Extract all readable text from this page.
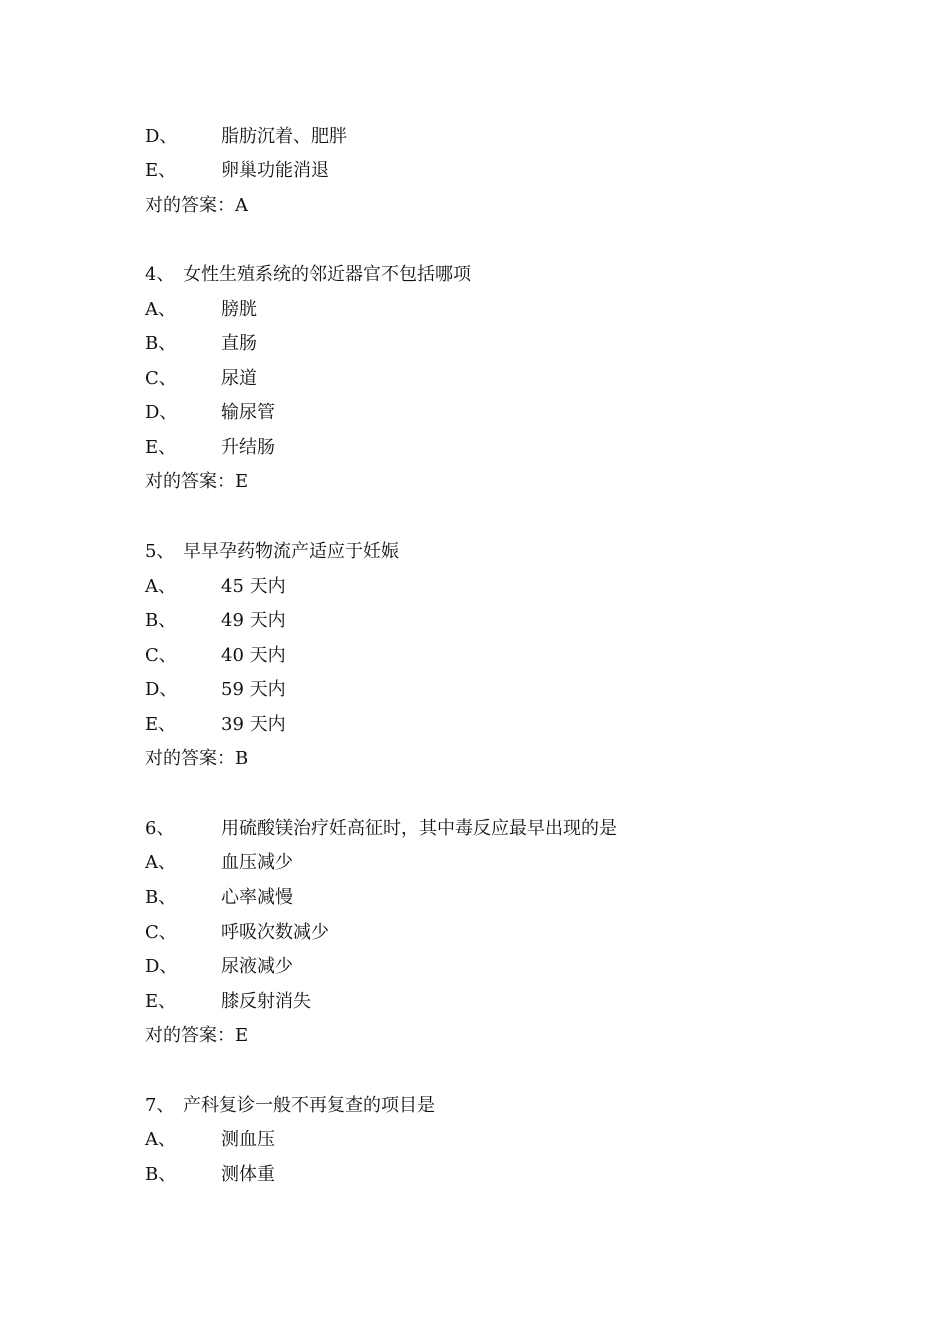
D、 脂肪沉着、肥胖
E、 卵巢功能消退
对的答案：A
4、 女性生殖系统的邻近器官不包括哪项
A、	膀胱
B、 直肠
C、 尿道
D、 输尿管
E、 升结肠
对的答案：E
5、 早早孕药物流产适应于妊娠
A、	45 天内
B、 49 天内
C、 40 天内
D、 59 天内
E、 39 天内
对的答案：B
6、	用硫酸镁治疗妊高征时，其中毒反应最早出现的是
A、	血压减少
B、 心率减慢
C、 呼吸次数减少
D、 尿液减少
E、 膝反射消失
对的答案：E
7、 产科复诊一般不再复查的项目是
A、	测血压
B、 测体重
